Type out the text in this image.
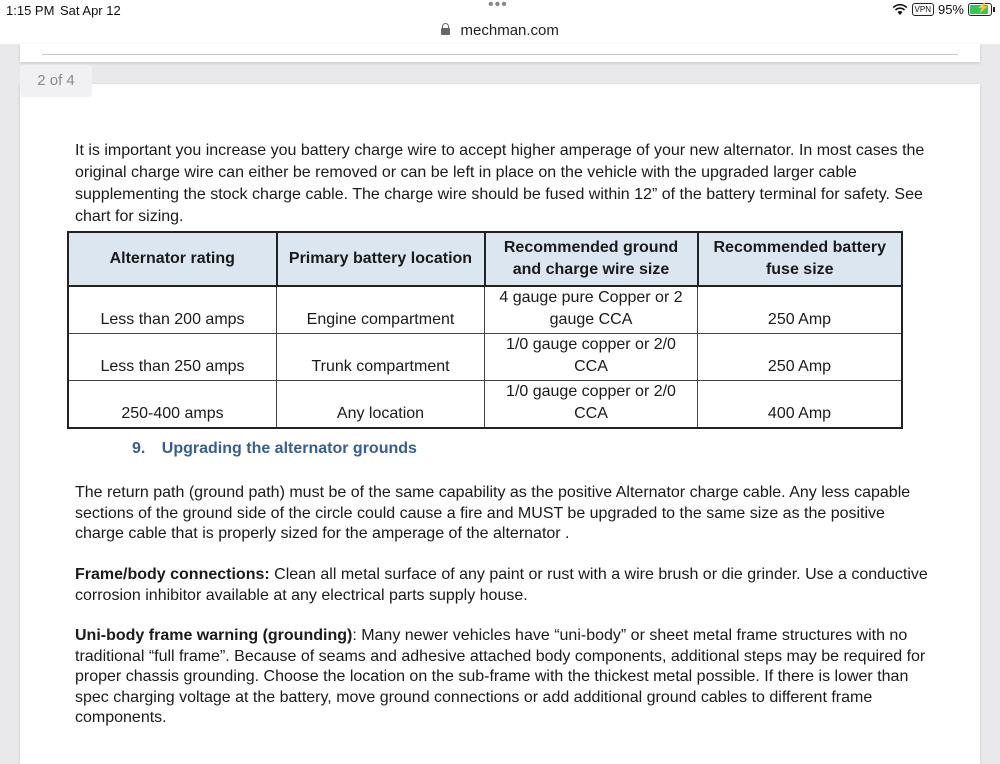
1:15 PM Sat Apr 12	•••	VPN 95% ⚡
mechman.com
2 of 4

It is important you increase you battery charge wire to accept higher amperage of your new alternator. In most cases the original charge wire can either be removed or can be left in place on the vehicle with the upgraded larger cable supplementing the stock charge cable. The charge wire should be fused within 12” of the battery terminal for safety. See chart for sizing.

Alternator rating	Primary battery location	Recommended ground and charge wire size	Recommended battery fuse size
Less than 200 amps	Engine compartment	4 gauge pure Copper or 2 gauge CCA	250 Amp
Less than 250 amps	Trunk compartment	1/0 gauge copper or 2/0 CCA	250 Amp
250-400 amps	Any location	1/0 gauge copper or 2/0 CCA	400 Amp
9. Upgrading the alternator grounds

The return path (ground path) must be of the same capability as the positive Alternator charge cable. Any less capable sections of the ground side of the circle could cause a fire and MUST be upgraded to the same size as the positive charge cable that is properly sized for the amperage of the alternator .

Frame/body connections: Clean all metal surface of any paint or rust with a wire brush or die grinder. Use a conductive corrosion inhibitor available at any electrical parts supply house.

Uni-body frame warning (grounding): Many newer vehicles have “uni-body” or sheet metal frame structures with no traditional “full frame”. Because of seams and adhesive attached body components, additional steps may be required for proper chassis grounding. Choose the location on the sub-frame with the thickest metal possible. If there is lower than spec charging voltage at the battery, move ground connections or add additional ground cables to different frame components.
